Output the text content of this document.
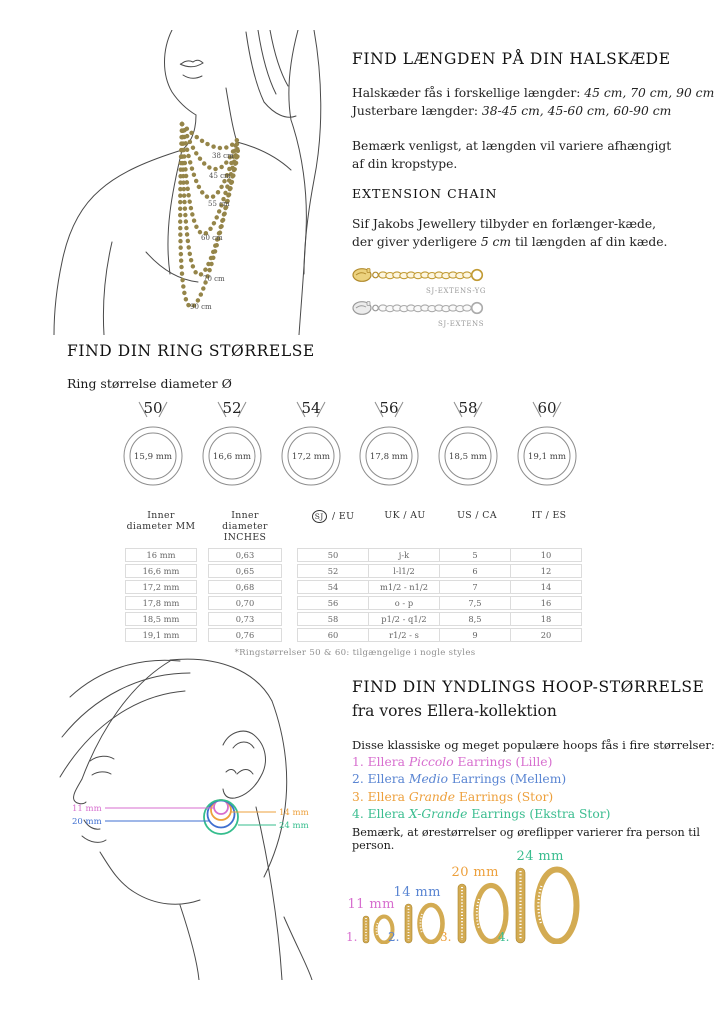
38 cm
45 cm
55 cm
60 cm
70 cm
90 cm
FIND LÆNGDEN PÅ DIN HALSKÆDE

Halskæder fås i forskellige længder: 45 cm, 70 cm, 90 cm
Justerbare længder: 38-45 cm, 45-60 cm, 60-90 cm

Bemærk venligst, at længden vil variere afhængigt
af din kropstype.

EXTENSION CHAIN

Sif Jakobs Jewellery tilbyder en forlænger-kæde,
der giver yderligere 5 cm til længden af din kæde.

SJ-EXTENS-YG
SJ-EXTENS
FIND DIN RING STØRRELSE

Ring størrelse diameter Ø

50
15,9 mm
52
16,6 mm
54
17,2 mm
56
17,8 mm
58
18,5 mm
60
19,1 mm
Inner diameter MM
Inner diameter INCHES
SJ / EU	UK / AU	US / CA	IT / ES
16 mm	0,63	50	j-k	5	10
16,6 mm	0,65	52	l-l1/2	6	12
17,2 mm	0,68	54	m1/2 - n1/2	7	14
17,8 mm	0,70	56	o - p	7,5	16
18,5 mm	0,73	58	p1/2 - q1/2	8,5	18
19,1 mm	0,76	60	r1/2 - s	9	20
*Ringstørrelser 50 & 60: tilgængelige i nogle styles
11 mm
20 mm
14 mm
24 mm
FIND DIN YNDLINGS HOOP-STØRRELSE
fra vores Ellera-kollektion

Disse klassiske og meget populære hoops fås i fire størrelser:

1. Ellera Piccolo Earrings (Lille)
2. Ellera Medio Earrings (Mellem)
3. Ellera Grande Earrings (Stor)
4. Ellera X-Grande Earrings (Ekstra Stor)

Bemærk, at ørestørrelser og øreflipper varierer fra person til person.

11 mm
1.
14 mm
2.
20 mm
3.
24 mm
4.
